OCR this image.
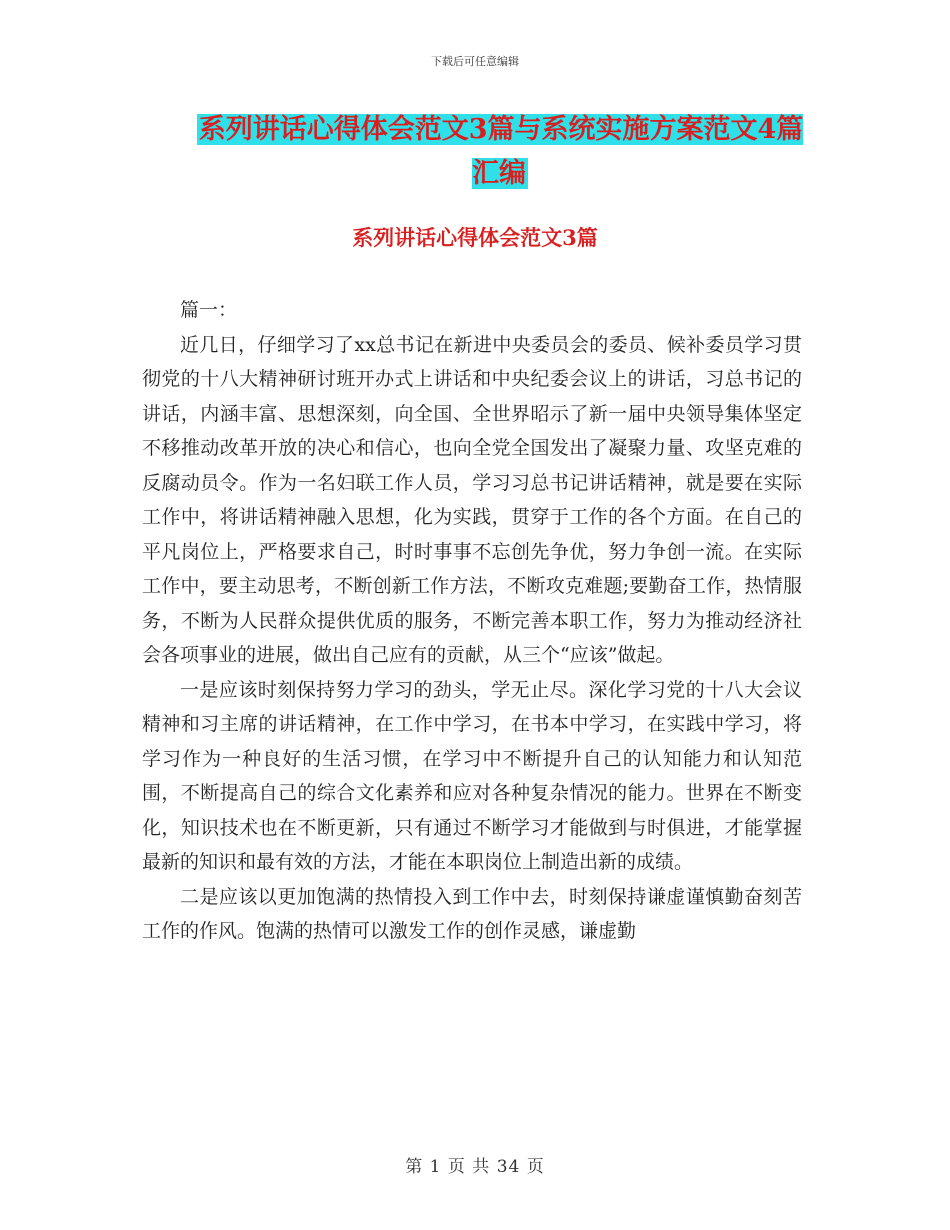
下载后可任意编辑
系列讲话心得体会范文3篇与系统实施方案范文4篇汇编
系列讲话心得体会范文3篇

篇一：

近几日，仔细学习了xx总书记在新进中央委员会的委员、候补委员学习贯彻党的十八大精神研讨班开办式上讲话和中央纪委会议上的讲话，习总书记的讲话，内涵丰富、思想深刻，向全国、全世界昭示了新一届中央领导集体坚定不移推动改革开放的决心和信心，也向全党全国发出了凝聚力量、攻坚克难的反腐动员令。作为一名妇联工作人员，学习习总书记讲话精神，就是要在实际工作中，将讲话精神融入思想，化为实践，贯穿于工作的各个方面。在自己的平凡岗位上，严格要求自己，时时事事不忘创先争优，努力争创一流。在实际工作中，要主动思考，不断创新工作方法，不断攻克难题;要勤奋工作，热情服务，不断为人民群众提供优质的服务，不断完善本职工作，努力为推动经济社会各项事业的进展，做出自己应有的贡献，从三个“应该”做起。

一是应该时刻保持努力学习的劲头，学无止尽。深化学习党的十八大会议精神和习主席的讲话精神，在工作中学习，在书本中学习，在实践中学习，将学习作为一种良好的生活习惯，在学习中不断提升自己的认知能力和认知范围，不断提高自己的综合文化素养和应对各种复杂情况的能力。世界在不断变化，知识技术也在不断更新，只有通过不断学习才能做到与时俱进，才能掌握最新的知识和最有效的方法，才能在本职岗位上制造出新的成绩。

二是应该以更加饱满的热情投入到工作中去，时刻保持谦虚谨慎勤奋刻苦工作的作风。饱满的热情可以激发工作的创作灵感，谦虚勤

第 1 页 共 34 页
